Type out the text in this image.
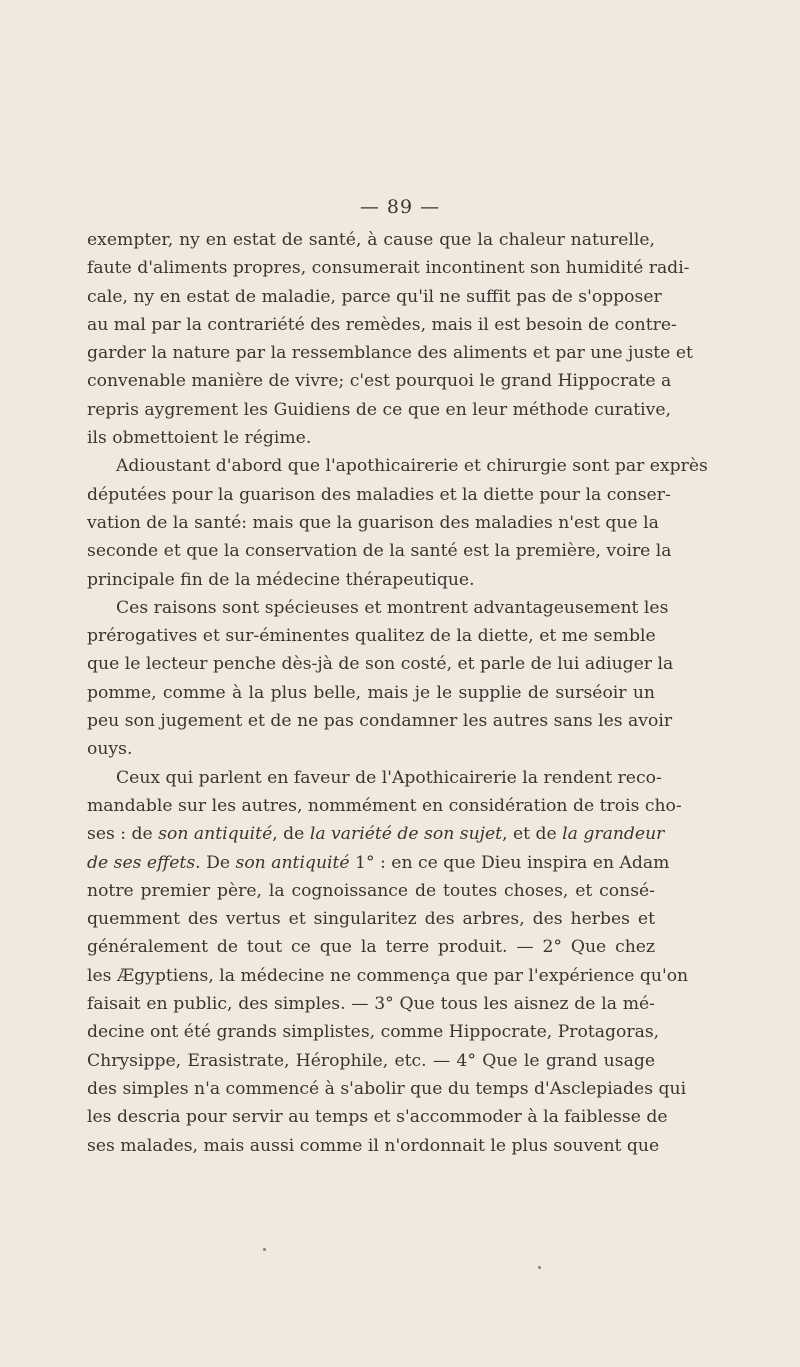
— 89 —
exempter, ny en estat de santé, à cause que la chaleur naturelle,
faute d'aliments propres, consumerait incontinent son humidité radi-
cale, ny en estat de maladie, parce qu'il ne suffit pas de s'opposer
au mal par la contrariété des remèdes, mais il est besoin de contre-
garder la nature par la ressemblance des aliments et par une juste et
convenable manière de vivre; c'est pourquoi le grand Hippocrate a
repris aygrement les Guidiens de ce que en leur méthode curative,
ils obmettoient le régime.
Adioustant d'abord que l'apothicairerie et chirurgie sont par exprès
députées pour la guarison des maladies et la diette pour la conser-
vation de la santé: mais que la guarison des maladies n'est que la
seconde et que la conservation de la santé est la première, voire la
principale fin de la médecine thérapeutique.
Ces raisons sont spécieuses et montrent advantageusement les
prérogatives et sur-éminentes qualitez de la diette, et me semble
que le lecteur penche dès-jà de son costé, et parle de lui adiuger la
pomme, comme à la plus belle, mais je le supplie de surséoir un
peu son jugement et de ne pas condamner les autres sans les avoir
ouys.
Ceux qui parlent en faveur de l'Apothicairerie la rendent reco-
mandable sur les autres, nommément en considération de trois cho-
ses : de son antiquité, de la variété de son sujet, et de la grandeur
de ses effets. De son antiquité 1° : en ce que Dieu inspira en Adam
notre premier père, la cognoissance de toutes choses, et consé-
quemment des vertus et singularitez des arbres, des herbes et
généralement de tout ce que la terre produit. — 2° Que chez
les Ægyptiens, la médecine ne commença que par l'expérience qu'on
faisait en public, des simples. — 3° Que tous les aisnez de la mé-
decine ont été grands simplistes, comme Hippocrate, Protagoras,
Chrysippe, Erasistrate, Hérophile, etc. — 4° Que le grand usage
des simples n'a commencé à s'abolir que du temps d'Asclepiades qui
les descria pour servir au temps et s'accommoder à la faiblesse de
ses malades, mais aussi comme il n'ordonnait le plus souvent que
